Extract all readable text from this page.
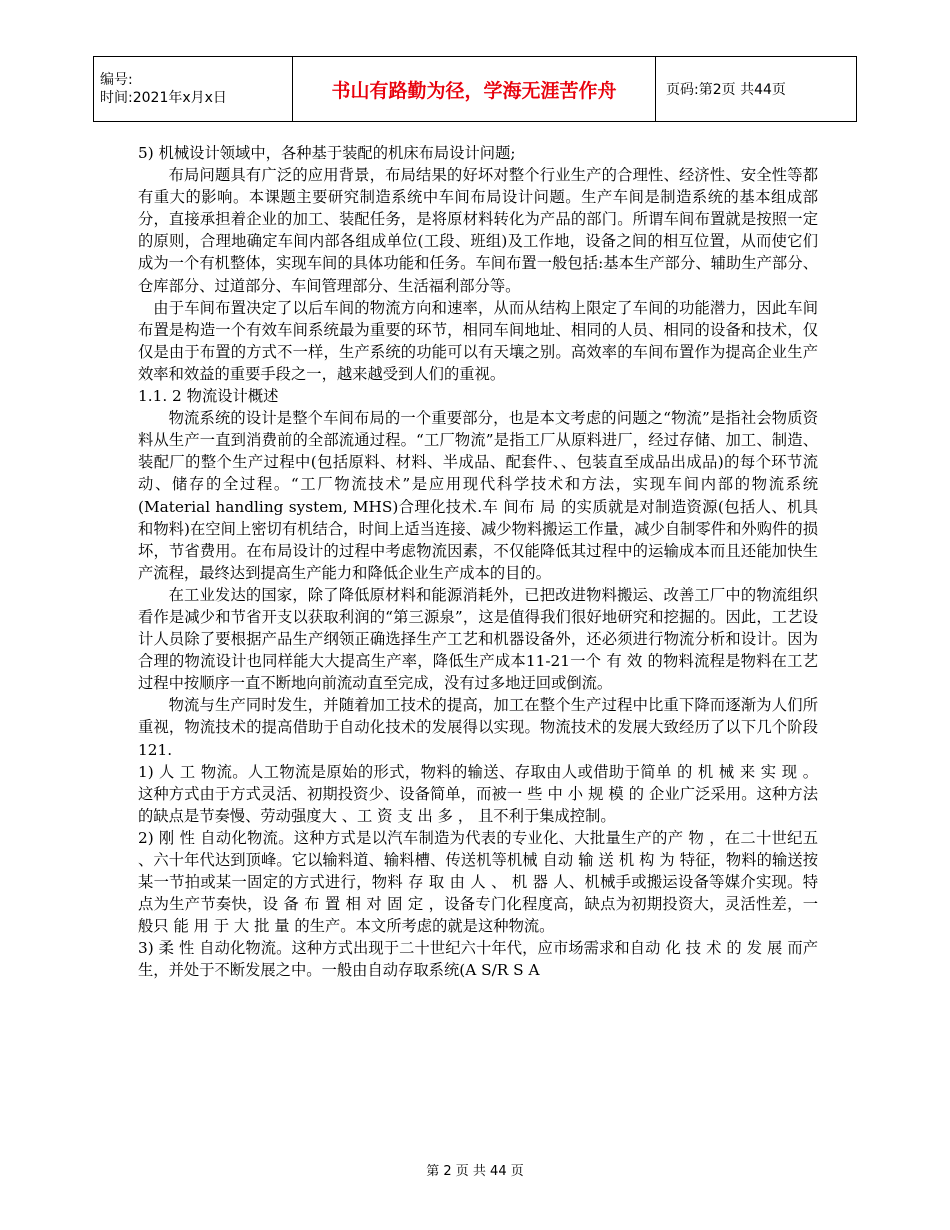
编号:
时间:2021年x月x日	书山有路勤为径，学海无涯苦作舟	页码:第2页 共44页

5) 机械设计领域中，各种基于装配的机床布局设计问题;

布局问题具有广泛的应用背景，布局结果的好坏对整个行业生产的合理性、经济性、安全性等都有重大的影响。本课题主要研究制造系统中车间布局设计问题。生产车间是制造系统的基本组成部分，直接承担着企业的加工、装配任务，是将原材料转化为产品的部门。所谓车间布置就是按照一定的原则，合理地确定车间内部各组成单位(工段、班组)及工作地，设备之间的相互位置，从而使它们成为一个有机整体，实现车间的具体功能和任务。车间布置一般包括:基本生产部分、辅助生产部分、仓库部分、过道部分、车间管理部分、生活福利部分等。

由于车间布置决定了以后车间的物流方向和速率，从而从结构上限定了车间的功能潜力，因此车间布置是构造一个有效车间系统最为重要的环节，相同车间地址、相同的人员、相同的设备和技术，仅仅是由于布置的方式不一样，生产系统的功能可以有天壤之别。高效率的车间布置作为提高企业生产效率和效益的重要手段之一，越来越受到人们的重视。

1.1. 2 物流设计概述

物流系统的设计是整个车间布局的一个重要部分，也是本文考虑的问题之“物流”是指社会物质资料从生产一直到消费前的全部流通过程。“工厂物流”是指工厂从原料进厂，经过存储、加工、制造、装配厂的整个生产过程中(包括原料、材料、半成品、配套件、、包装直至成品出成品)的每个环节流动、储存的全过程。“工厂物流技术”是应用现代科学技术和方法，实现车间内部的物流系统(Material handling system, MHS)合理化技术.车 间布 局 的实质就是对制造资源(包括人、机具和物料)在空间上密切有机结合，时间上适当连接、减少物料搬运工作量，减少自制零件和外购件的损坏，节省费用。在布局设计的过程中考虑物流因素，不仅能降低其过程中的运输成本而且还能加快生产流程，最终达到提高生产能力和降低企业生产成本的目的。

在工业发达的国家，除了降低原材料和能源消耗外，已把改进物料搬运、改善工厂中的物流组织看作是减少和节省开支以获取利润的“第三源泉”，这是值得我们很好地研究和挖掘的。因此，工艺设计人员除了要根据产品生产纲领正确选择生产工艺和机器设备外，还必须进行物流分析和设计。因为合理的物流设计也同样能大大提高生产率，降低生产成本11-21一个 有 效 的物料流程是物料在工艺过程中按顺序一直不断地向前流动直至完成，没有过多地迂回或倒流。

物流与生产同时发生，并随着加工技术的提高，加工在整个生产过程中比重下降而逐渐为人们所重视，物流技术的提高借助于自动化技术的发展得以实现。物流技术的发展大致经历了以下几个阶段121.

1) 人 工 物流。人工物流是原始的形式，物料的输送、存取由人或借助于简单 的 机 械 来 实 现 。 这种方式由于方式灵活、初期投资少、设备简单，而被一 些 中 小 规 模 的 企业广泛采用。这种方法的缺点是节奏慢、劳动强度大 、工 资 支 出 多 ， 且不利于集成控制。

2) 刚 性 自动化物流。这种方式是以汽车制造为代表的专业化、大批量生产的产 物 ，在二十世纪五 、六十年代达到顶峰。它以输料道、输料槽、传送机等机械 自动 输 送 机 构 为 特征，物料的输送按某一节拍或某一固定的方式进行，物料 存 取 由 人 、 机 器 人、机械手或搬运设备等媒介实现。特点为生产节奏快，设 备 布 置 相 对 固 定 ，设备专门化程度高，缺点为初期投资大，灵活性差，一般只 能 用 于 大 批 量 的生产。本文所考虑的就是这种物流。

3) 柔 性 自动化物流。这种方式出现于二十世纪六十年代，应市场需求和自动 化 技 术 的 发 展 而产生，并处于不断发展之中。一般由自动存取系统(A S/R S A

第 2 页 共 44 页
